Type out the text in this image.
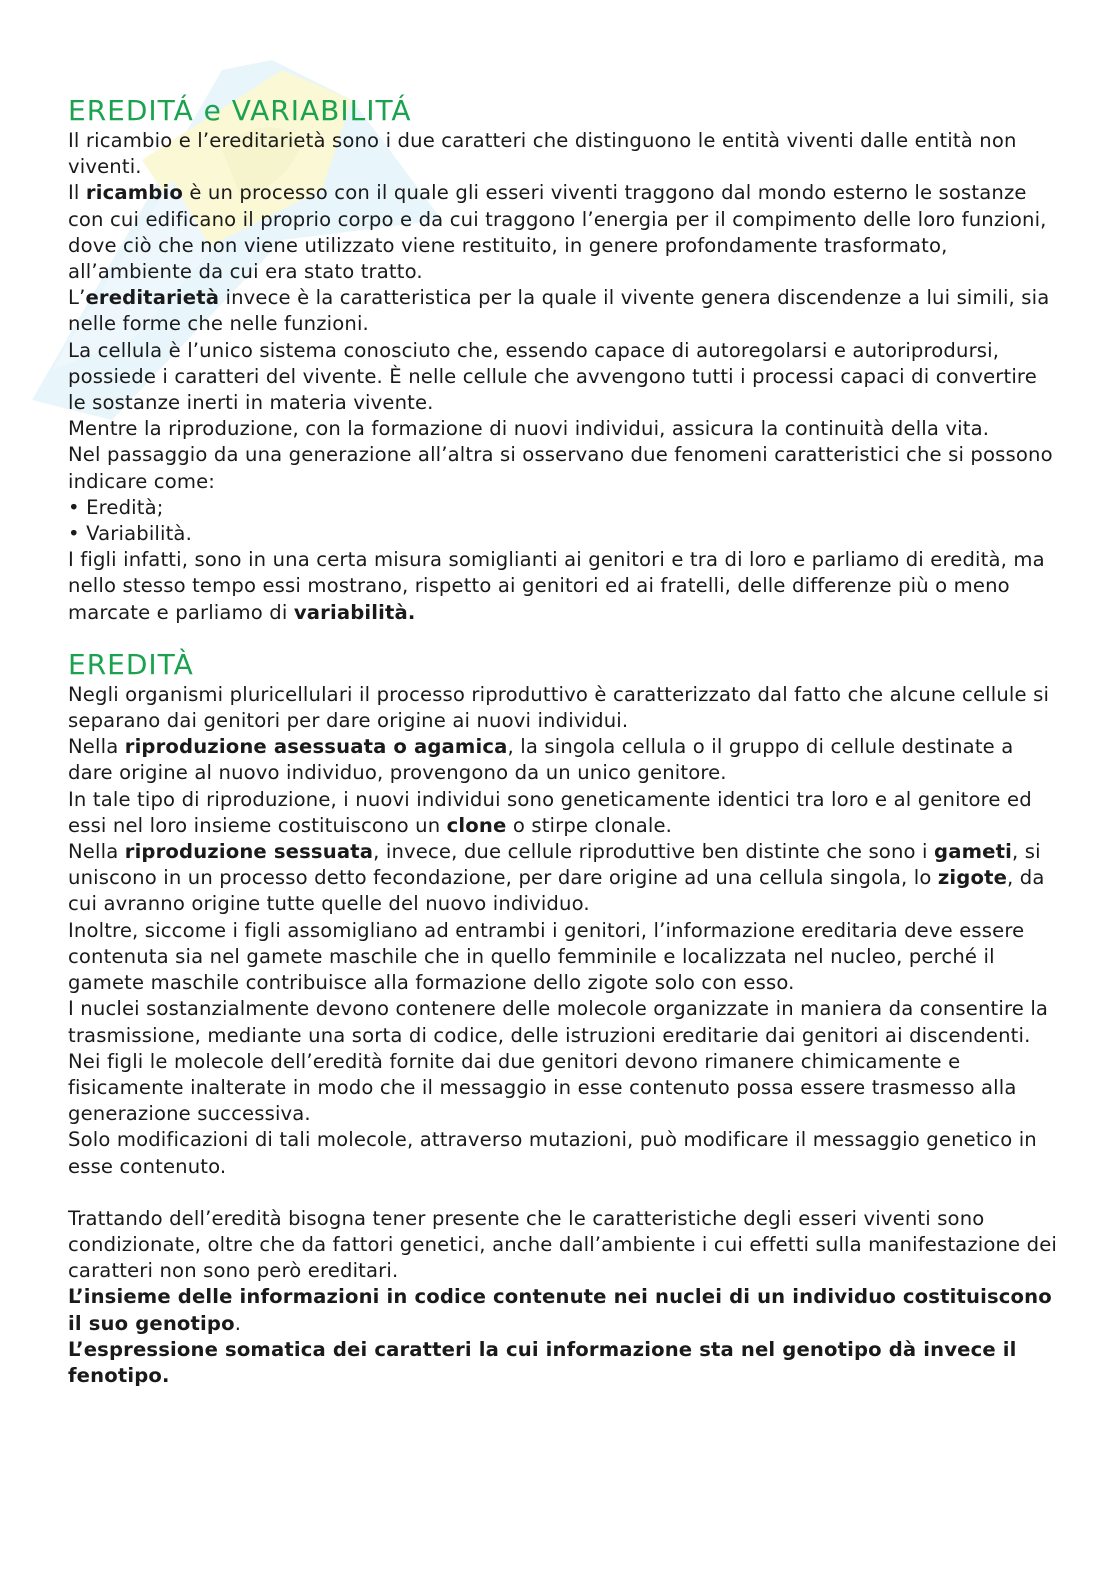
EREDITÁ e VARIABILITÁ

Il ricambio e l’ereditarietà sono i due caratteri che distinguono le entità viventi dalle entità non viventi.

Il ricambio è un processo con il quale gli esseri viventi traggono dal mondo esterno le sostanze con cui edificano il proprio corpo e da cui traggono l’energia per il compimento delle loro funzioni, dove ciò che non viene utilizzato viene restituito, in genere profondamente trasformato, all’ambiente da cui era stato tratto.

L’ereditarietà invece è la caratteristica per la quale il vivente genera discendenze a lui simili, sia nelle forme che nelle funzioni.

La cellula è l’unico sistema conosciuto che, essendo capace di autoregolarsi e autoriprodursi, possiede i caratteri del vivente. È nelle cellule che avvengono tutti i processi capaci di convertire le sostanze inerti in materia vivente.

Mentre la riproduzione, con la formazione di nuovi individui, assicura la continuità della vita.

Nel passaggio da una generazione all’altra si osservano due fenomeni caratteristici che si possono indicare come:

• Eredità;

• Variabilità.

I figli infatti, sono in una certa misura somiglianti ai genitori e tra di loro e parliamo di eredità, ma nello stesso tempo essi mostrano, rispetto ai genitori ed ai fratelli, delle differenze più o meno marcate e parliamo di variabilità.

EREDITÀ

Negli organismi pluricellulari il processo riproduttivo è caratterizzato dal fatto che alcune cellule si separano dai genitori per dare origine ai nuovi individui.

Nella riproduzione asessuata o agamica, la singola cellula o il gruppo di cellule destinate a dare origine al nuovo individuo, provengono da un unico genitore.

In tale tipo di riproduzione, i nuovi individui sono geneticamente identici tra loro e al genitore ed essi nel loro insieme costituiscono un clone o stirpe clonale.

Nella riproduzione sessuata, invece, due cellule riproduttive ben distinte che sono i gameti, si uniscono in un processo detto fecondazione, per dare origine ad una cellula singola, lo zigote, da cui avranno origine tutte quelle del nuovo individuo.

Inoltre, siccome i figli assomigliano ad entrambi i genitori, l’informazione ereditaria deve essere contenuta sia nel gamete maschile che in quello femminile e localizzata nel nucleo, perché il gamete maschile contribuisce alla formazione dello zigote solo con esso.

I nuclei sostanzialmente devono contenere delle molecole organizzate in maniera da consentire la trasmissione, mediante una sorta di codice, delle istruzioni ereditarie dai genitori ai discendenti.

Nei figli le molecole dell’eredità fornite dai due genitori devono rimanere chimicamente e fisicamente inalterate in modo che il messaggio in esse contenuto possa essere trasmesso alla generazione successiva.

Solo modificazioni di tali molecole, attraverso mutazioni, può modificare il messaggio genetico in esse contenuto.

Trattando dell’eredità bisogna tener presente che le caratteristiche degli esseri viventi sono condizionate, oltre che da fattori genetici, anche dall’ambiente i cui effetti sulla manifestazione dei caratteri non sono però ereditari.

L’insieme delle informazioni in codice contenute nei nuclei di un individuo costituiscono il suo genotipo.

L’espressione somatica dei caratteri la cui informazione sta nel genotipo dà invece il fenotipo.
